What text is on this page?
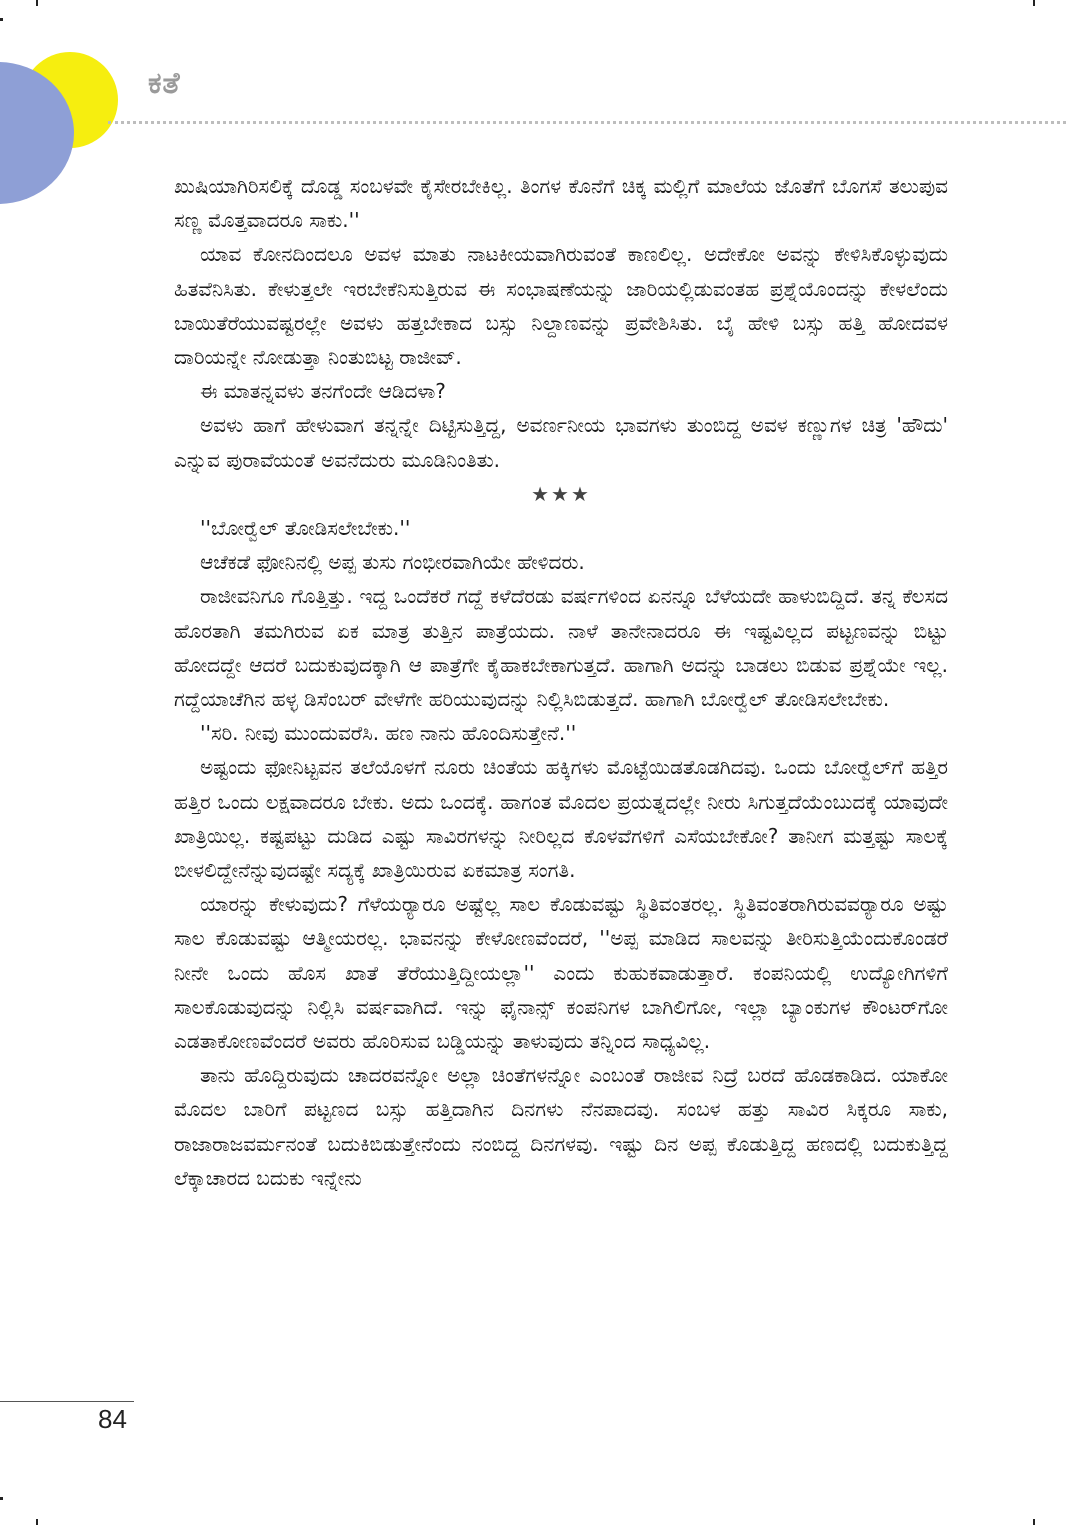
ಕತೆ

ಖುಷಿಯಾಗಿರಿಸಲಿಕ್ಕೆ ದೊಡ್ಡ ಸಂಬಳವೇ ಕೈಸೇರಬೇಕಿಲ್ಲ. ತಿಂಗಳ ಕೊನೆಗೆ ಚಿಕ್ಕ ಮಲ್ಲಿಗೆ ಮಾಲೆಯ ಜೊತೆಗೆ ಬೊಗಸೆ ತಲುಪುವ ಸಣ್ಣ ಮೊತ್ತವಾದರೂ ಸಾಕು.''

ಯಾವ ಕೋನದಿಂದಲೂ ಅವಳ ಮಾತು ನಾಟಕೀಯವಾಗಿರುವಂತೆ ಕಾಣಲಿಲ್ಲ. ಅದೇಕೋ ಅವನ್ನು ಕೇಳಿಸಿಕೊಳ್ಳುವುದು ಹಿತವೆನಿಸಿತು. ಕೇಳುತ್ತಲೇ ಇರಬೇಕೆನಿಸುತ್ತಿರುವ ಈ ಸಂಭಾಷಣೆಯನ್ನು ಜಾರಿಯಲ್ಲಿಡುವಂತಹ ಪ್ರಶ್ನೆಯೊಂದನ್ನು ಕೇಳಲೆಂದು ಬಾಯಿತೆರೆಯುವಷ್ಟರಲ್ಲೇ ಅವಳು ಹತ್ತಬೇಕಾದ ಬಸ್ಸು ನಿಲ್ದಾಣವನ್ನು ಪ್ರವೇಶಿಸಿತು. ಬೈ ಹೇಳಿ ಬಸ್ಸು ಹತ್ತಿ ಹೋದವಳ ದಾರಿಯನ್ನೇ ನೋಡುತ್ತಾ ನಿಂತುಬಿಟ್ಟ ರಾಜೀವ್.

ಈ ಮಾತನ್ನವಳು ತನಗೆಂದೇ ಆಡಿದಳಾ?

ಅವಳು ಹಾಗೆ ಹೇಳುವಾಗ ತನ್ನನ್ನೇ ದಿಟ್ಟಿಸುತ್ತಿದ್ದ, ಅವರ್ಣನೀಯ ಭಾವಗಳು ತುಂಬಿದ್ದ ಅವಳ ಕಣ್ಣುಗಳ ಚಿತ್ರ 'ಹೌದು' ಎನ್ನುವ ಪುರಾವೆಯಂತೆ ಅವನೆದುರು ಮೂಡಿನಿಂತಿತು.

★★★

''ಬೋರ್‍ವೆಲ್ ತೋಡಿಸಲೇಬೇಕು.''

ಆಚೆಕಡೆ ಫೋನಿನಲ್ಲಿ ಅಪ್ಪ ತುಸು ಗಂಭೀರವಾಗಿಯೇ ಹೇಳಿದರು.

ರಾಜೀವನಿಗೂ ಗೊತ್ತಿತ್ತು. ಇದ್ದ ಒಂದೆಕರೆ ಗದ್ದೆ ಕಳೆದೆರಡು ವರ್ಷಗಳಿಂದ ಏನನ್ನೂ ಬೆಳೆಯದೇ ಹಾಳುಬಿದ್ದಿದೆ. ತನ್ನ ಕೆಲಸದ ಹೊರತಾಗಿ ತಮಗಿರುವ ಏಕ ಮಾತ್ರ ತುತ್ತಿನ ಪಾತ್ರೆಯದು. ನಾಳೆ ತಾನೇನಾದರೂ ಈ ಇಷ್ಟವಿಲ್ಲದ ಪಟ್ಟಣವನ್ನು ಬಿಟ್ಟು ಹೋದದ್ದೇ ಆದರೆ ಬದುಕುವುದಕ್ಕಾಗಿ ಆ ಪಾತ್ರೆಗೇ ಕೈಹಾಕಬೇಕಾಗುತ್ತದೆ. ಹಾಗಾಗಿ ಅದನ್ನು ಬಾಡಲು ಬಿಡುವ ಪ್ರಶ್ನೆಯೇ ಇಲ್ಲ. ಗದ್ದೆಯಾಚೆಗಿನ ಹಳ್ಳ ಡಿಸೆಂಬರ್ ವೇಳೆಗೇ ಹರಿಯುವುದನ್ನು ನಿಲ್ಲಿಸಿಬಿಡುತ್ತದೆ. ಹಾಗಾಗಿ ಬೋರ್‍ವೆಲ್ ತೋಡಿಸಲೇಬೇಕು.

''ಸರಿ. ನೀವು ಮುಂದುವರೆಸಿ. ಹಣ ನಾನು ಹೊಂದಿಸುತ್ತೇನೆ.''

ಅಷ್ಟಂದು ಫೋನಿಟ್ಟವನ ತಲೆಯೊಳಗೆ ನೂರು ಚಿಂತೆಯ ಹಕ್ಕಿಗಳು ಮೊಟ್ಟೆಯಿಡತೊಡಗಿದವು. ಒಂದು ಬೋರ್‍ವೆಲ್‌ಗೆ ಹತ್ತಿರ ಹತ್ತಿರ ಒಂದು ಲಕ್ಷವಾದರೂ ಬೇಕು. ಅದು ಒಂದಕ್ಕೆ. ಹಾಗಂತ ಮೊದಲ ಪ್ರಯತ್ನದಲ್ಲೇ ನೀರು ಸಿಗುತ್ತದೆಯೆಂಬುದಕ್ಕೆ ಯಾವುದೇ ಖಾತ್ರಿಯಿಲ್ಲ. ಕಷ್ಟಪಟ್ಟು ದುಡಿದ ಎಷ್ಟು ಸಾವಿರಗಳನ್ನು ನೀರಿಲ್ಲದ ಕೊಳವೆಗಳಿಗೆ ಎಸೆಯಬೇಕೋ? ತಾನೀಗ ಮತ್ತಷ್ಟು ಸಾಲಕ್ಕೆ ಬೀಳಲಿದ್ದೇನೆನ್ನುವುದಷ್ಟೇ ಸದ್ಯಕ್ಕೆ ಖಾತ್ರಿಯಿರುವ ಏಕಮಾತ್ರ ಸಂಗತಿ.

ಯಾರನ್ನು ಕೇಳುವುದು? ಗೆಳೆಯರ್‍ಯಾರೂ ಅಷ್ಟೆಲ್ಲ ಸಾಲ ಕೊಡುವಷ್ಟು ಸ್ಥಿತಿವಂತರಲ್ಲ. ಸ್ಥಿತಿವಂತರಾಗಿರುವವರ್‍ಯಾರೂ ಅಷ್ಟು ಸಾಲ ಕೊಡುವಷ್ಟು ಆತ್ಮೀಯರಲ್ಲ. ಭಾವನನ್ನು ಕೇಳೋಣವೆಂದರೆ, ''ಅಪ್ಪ ಮಾಡಿದ ಸಾಲವನ್ನು ತೀರಿಸುತ್ತಿಯೆಂದುಕೊಂಡರೆ ನೀನೇ ಒಂದು ಹೊಸ ಖಾತೆ ತೆರೆಯುತ್ತಿದ್ದೀಯಲ್ಲಾ'' ಎಂದು ಕುಹುಕವಾಡುತ್ತಾರೆ. ಕಂಪನಿಯಲ್ಲಿ ಉದ್ಯೋಗಿಗಳಿಗೆ ಸಾಲಕೊಡುವುದನ್ನು ನಿಲ್ಲಿಸಿ ವರ್ಷವಾಗಿದೆ. ಇನ್ನು ಫೈನಾನ್ಸ್ ಕಂಪನಿಗಳ ಬಾಗಿಲಿಗೋ, ಇಲ್ಲಾ ಬ್ಯಾಂಕುಗಳ ಕೌಂಟರ್‌ಗೋ ಎಡತಾಕೋಣವೆಂದರೆ ಅವರು ಹೊರಿಸುವ ಬಡ್ಡಿಯನ್ನು ತಾಳುವುದು ತನ್ನಿಂದ ಸಾಧ್ಯವಿಲ್ಲ.

ತಾನು ಹೊದ್ದಿರುವುದು ಚಾದರವನ್ನೋ ಅಲ್ಲಾ ಚಿಂತೆಗಳನ್ನೋ ಎಂಬಂತೆ ರಾಜೀವ ನಿದ್ರೆ ಬರದೆ ಹೊಡಕಾಡಿದ. ಯಾಕೋ ಮೊದಲ ಬಾರಿಗೆ ಪಟ್ಟಣದ ಬಸ್ಸು ಹತ್ತಿದಾಗಿನ ದಿನಗಳು ನೆನಪಾದವು. ಸಂಬಳ ಹತ್ತು ಸಾವಿರ ಸಿಕ್ಕರೂ ಸಾಕು, ರಾಜಾರಾಜವರ್ಮನಂತೆ ಬದುಕಿಬಿಡುತ್ತೇನೆಂದು ನಂಬಿದ್ದ ದಿನಗಳವು. ಇಷ್ಟು ದಿನ ಅಪ್ಪ ಕೊಡುತ್ತಿದ್ದ ಹಣದಲ್ಲಿ ಬದುಕುತ್ತಿದ್ದ ಲೆಕ್ಕಾಚಾರದ ಬದುಕು ಇನ್ನೇನು

84
